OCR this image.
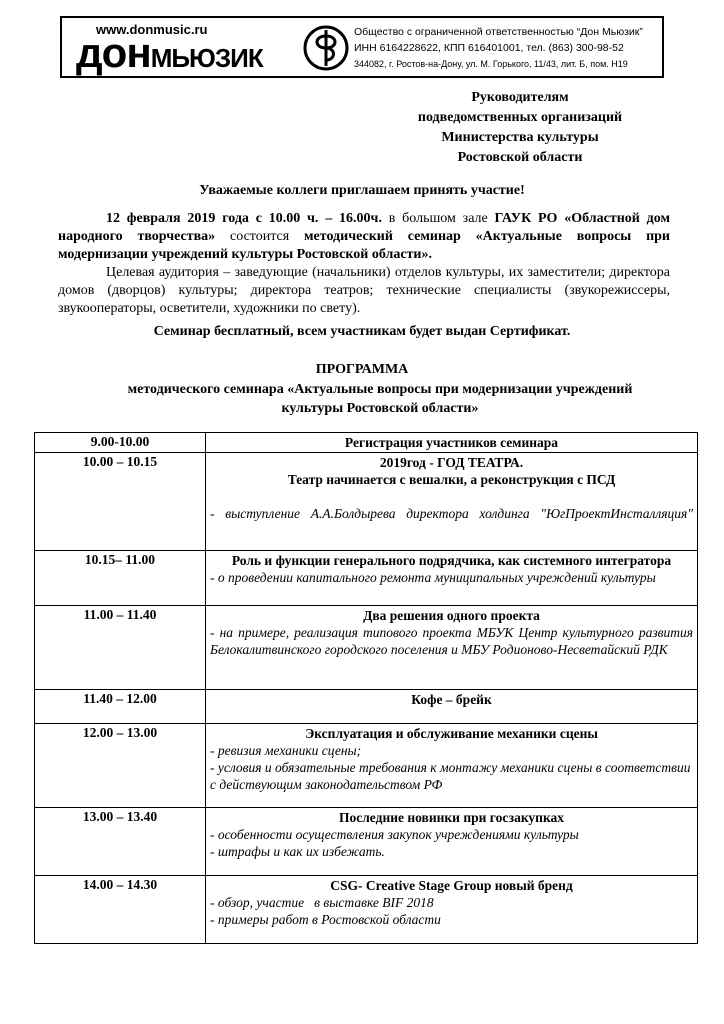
www.donmusic.ru
донМЬЮЗИК
Общество с ограниченной ответственностью “Дон Мьюзик”
ИНН 6164228622, КПП 616401001, тел. (863) 300-98-52
344082, г. Ростов-на-Дону, ул. М. Горького, 11/43, лит. Б, пом. Н19
Руководителям
подведомственных организаций
Министерства культуры
Ростовской области
Уважаемые коллеги приглашаем принять участие!

12 февраля 2019 года с 10.00 ч. – 16.00ч. в большом зале ГАУК РО «Областной дом народного творчества» состоится методический семинар «Актуальные вопросы при модернизации учреждений культуры Ростовской области».

Целевая аудитория – заведующие (начальники) отделов культуры, их заместители; директора домов (дворцов) культуры; директора театров; технические специалисты (звукорежиссеры, звукооператоры, осветители, художники по свету).

Семинар бесплатный, всем участникам будет выдан Сертификат.
ПРОГРАММА
методического семинара «Актуальные вопросы при модернизации учреждений культуры Ростовской области»
9.00-10.00	Регистрация участников семинара

10.00 – 10.15	2019год - ГОД ТЕАТРА.
Театр начинается с вешалки, а реконструкция с ПСД
- выступление А.А.Болдырева директора холдинга "ЮгПроектИнсталляция"

10.15– 11.00	Роль и функции генерального подрядчика, как системного интегратора
- о проведении капитального ремонта муниципальных учреждений культуры

11.00 – 11.40	Два решения одного проекта
- на примере, реализация типового проекта МБУК Центр культурного развития Белокалитвинского городского поселения и МБУ Родионово-Несветайский РДК

11.40 – 12.00	Кофе – брейк

12.00 – 13.00	Эксплуатация и обслуживание механики сцены
- ревизия механики сцены;
- условия и обязательные требования к монтажу механики сцены в соответствии с действующим законодательством РФ

13.00 – 13.40	Последние новинки при госзакупках
- особенности осуществления закупок учреждениями культуры
- штрафы и как их избежать.

14.00 – 14.30	CSG- Creative Stage Group новый бренд
- обзор, участие   в выставке BIF 2018
- примеры работ в Ростовской области
